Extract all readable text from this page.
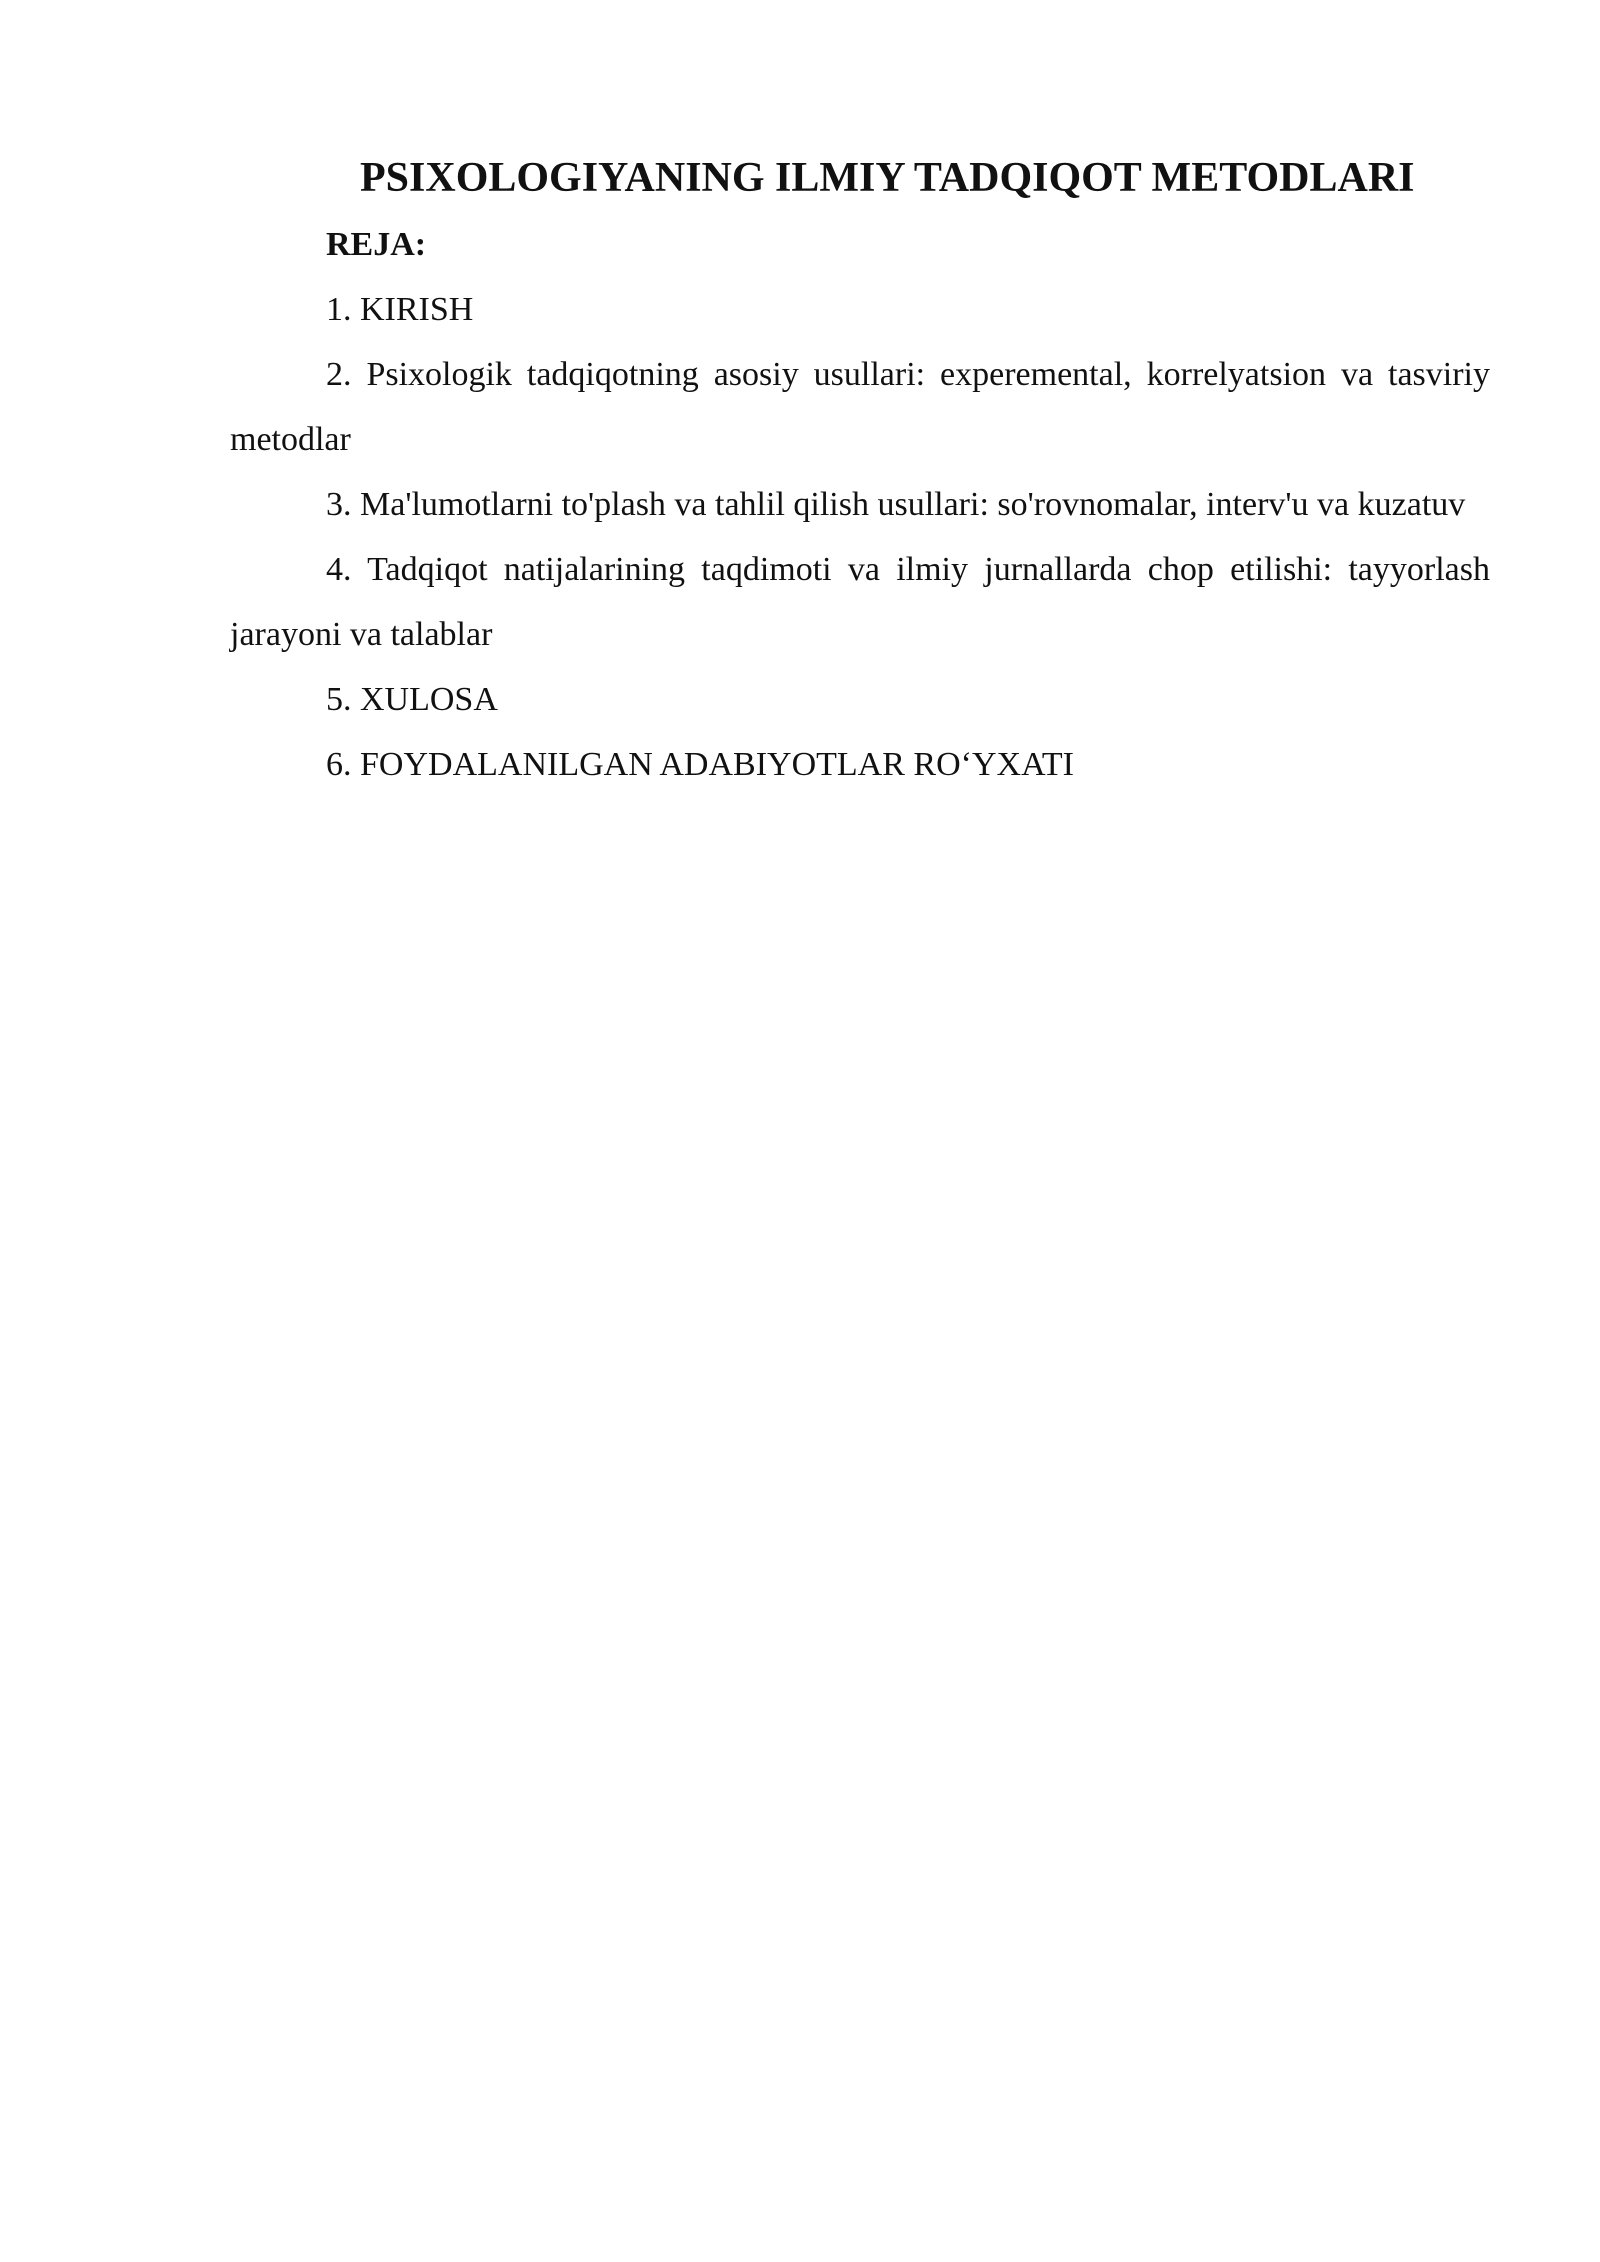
PSIXOLOGIYANING ILMIY TADQIQOT METODLARI

REJA:

1. KIRISH
2. Psixologik tadqiqotning asosiy usullari: experemental, korrelyatsion va tasviriy metodlar
3. Ma'lumotlarni to'plash va tahlil qilish usullari: so'rovnomalar, interv'u va kuzatuv
4. Tadqiqot natijalarining taqdimoti va ilmiy jurnallarda chop etilishi: tayyorlash jarayoni va talablar
5. XULOSA
6. FOYDALANILGAN ADABIYOTLAR RO‘YXATI
